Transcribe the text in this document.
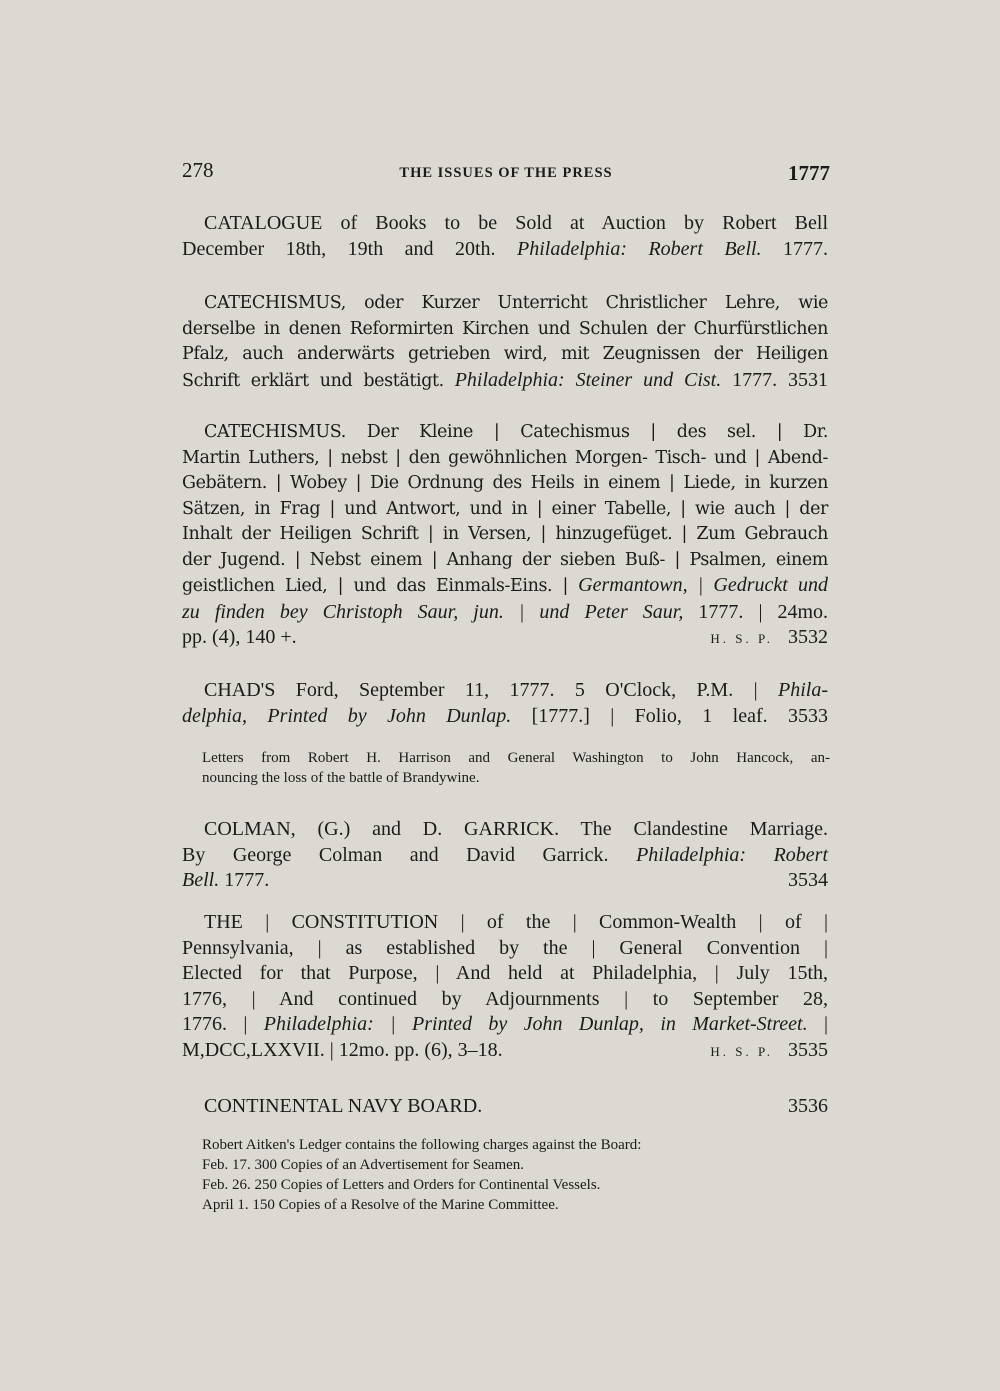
278	THE ISSUES OF THE PRESS	1777
CATALOGUE of Books to be Sold at Auction by Robert Bell
December 18th, 19th and 20th. Philadelphia: Robert Bell. 1777.
CATECHISMUS, oder Kurzer Unterricht Christlicher Lehre, wie
derselbe in denen Reformirten Kirchen und Schulen der Churfürstlichen
Pfalz, auch anderwärts getrieben wird, mit Zeugnissen der Heiligen
Schrift erklärt und bestätigt. Philadelphia: Steiner und Cist. 1777. 3531
CATECHISMUS. Der Kleine | Catechismus | des sel. | Dr.
Martin Luthers, | nebst | den gewöhnlichen Morgen- Tisch- und | Abend-
Gebätern. | Wobey | Die Ordnung des Heils in einem | Liede, in kurzen
Sätzen, in Frag | und Antwort, und in | einer Tabelle, | wie auch | der
Inhalt der Heiligen Schrift | in Versen, | hinzugefüget. | Zum Gebrauch
der Jugend. | Nebst einem | Anhang der sieben Buß- | Psalmen, einem
geistlichen Lied, | und das Einmals-Eins. | Germantown, | Gedruckt und
zu finden bey Christoph Saur, jun. | und Peter Saur, 1777. | 24mo.
pp. (4), 140 +.	H. S. P. 3532
CHAD'S Ford, September 11, 1777. 5 O'Clock, P.M. | Phila-
delphia, Printed by John Dunlap. [1777.] | Folio, 1 leaf. 3533
Letters from Robert H. Harrison and General Washington to John Hancock, an-
nouncing the loss of the battle of Brandywine.
COLMAN, (G.) and D. GARRICK. The Clandestine Marriage.
By George Colman and David Garrick. Philadelphia: Robert
Bell. 1777.	3534
THE | CONSTITUTION | of the | Common-Wealth | of |
Pennsylvania, | as established by the | General Convention |
Elected for that Purpose, | And held at Philadelphia, | July 15th,
1776, | And continued by Adjournments | to September 28,
1776. | Philadelphia: | Printed by John Dunlap, in Market-Street. |
M,DCC,LXXVII. | 12mo. pp. (6), 3–18.	H. S. P. 3535
CONTINENTAL NAVY BOARD.	3536
Robert Aitken's Ledger contains the following charges against the Board:
Feb. 17. 300 Copies of an Advertisement for Seamen.
Feb. 26. 250 Copies of Letters and Orders for Continental Vessels.
April 1. 150 Copies of a Resolve of the Marine Committee.
